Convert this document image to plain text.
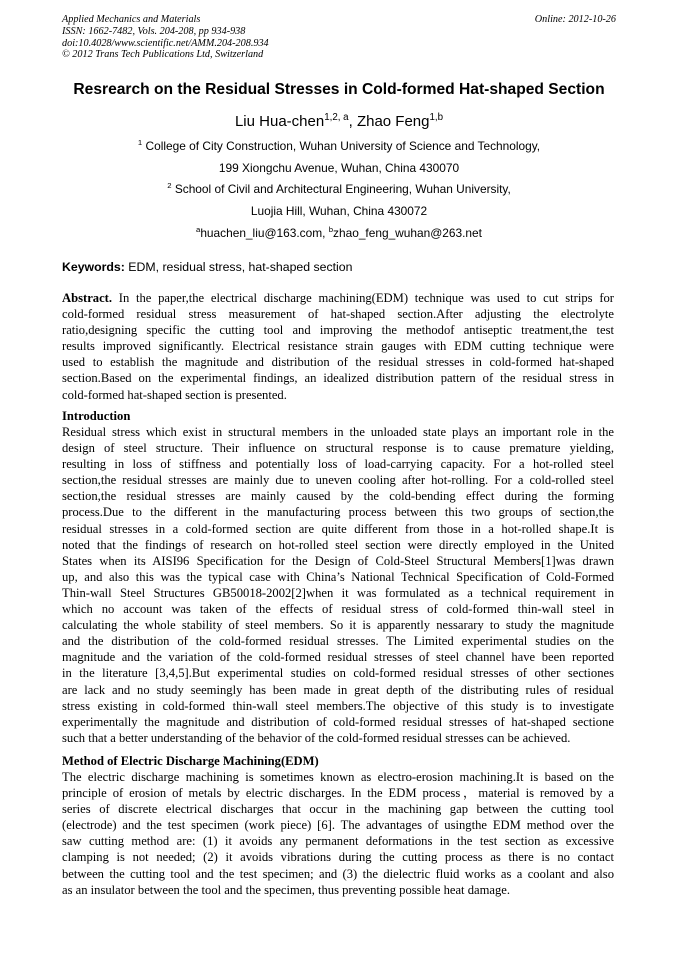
Applied Mechanics and Materials
ISSN: 1662-7482, Vols. 204-208, pp 934-938
doi:10.4028/www.scientific.net/AMM.204-208.934
© 2012 Trans Tech Publications Ltd, Switzerland
Online: 2012-10-26
Resrearch on the Residual Stresses in Cold-formed Hat-shaped Section
Liu Hua-chen$^{1,2, a}$, Zhao Feng$^{1,b}$
$^1$ College of City Construction, Wuhan University of Science and Technology,
199 Xiongchu Avenue, Wuhan, China 430070
$^2$ School of Civil and Architectural Engineering, Wuhan University,
Luojia Hill, Wuhan, China 430072
$^a$huachen_liu@163.com, $^b$zhao_feng_wuhan@263.net
Keywords: EDM, residual stress, hat-shaped section
Abstract. In the paper,the electrical discharge machining(EDM) technique was used to cut strips for
cold-formed residual stress measurement of hat-shaped section.After adjusting the electrolyte
ratio,designing specific the cutting tool and improving the methodof antiseptic treatment,the test
results improved significantly. Electrical resistance strain gauges with EDM cutting technique were
used to establish the magnitude and distribution of the residual stresses in cold-formed hat-shaped
section.Based on the experimental findings, an idealized distribution pattern of the residual stress in
cold-formed hat-shaped section is presented.
Introduction
Residual stress which exist in structural members in the unloaded state plays an important role in the
design of steel structure. Their influence on structural response is to cause premature yielding,
resulting in loss of stiffness and potentially loss of load-carrying capacity. For a hot-rolled steel
section,the residual stresses are mainly due to uneven cooling after hot-rolling. For a cold-rolled steel
section,the residual stresses are mainly caused by the cold-bending effect during the forming
process.Due to the different in the manufacturing process between this two groups of section,the
residual stresses in a cold-formed section are quite different from those in a hot-rolled shape.It is
noted that the findings of research on hot-rolled steel section were directly employed in the United
States when its AISI96 Specification for the Design of Cold-Steel Structural Members[1]was drawn
up, and also this was the typical case with China’s National Technical Specification of Cold-Formed
Thin-wall Steel Structures GB50018-2002[2]when it was formulated as a technical requirement in
which no account was taken of the effects of residual stress of cold-formed thin-wall steel in
calculating the whole stability of steel members. So it is apparently nessarary to study the magnitude
and the distribution of the cold-formed residual stresses. The Limited experimental studies on the
magnitude and the variation of the cold-formed residual stresses of steel channel have been reported
in the literature [3,4,5].But experimental studies on cold-formed residual stresses of other sectiones
are lack and no study seemingly has been made in great depth of the distributing rules of residual
stress existing in cold-formed thin-wall steel members.The objective of this study is to investigate
experimentally the magnitude and distribution of cold-formed residual stresses of hat-shaped sectione
such that a better understanding of the behavior of the cold-formed residual stresses can be achieved.
Method of Electric Discharge Machining(EDM)
The electric discharge machining is sometimes known as electro-erosion machining.It is based on the
principle of erosion of metals by electric discharges. In the EDM process，material is removed by a
series of discrete electrical discharges that occur in the machining gap between the cutting tool
(electrode) and the test specimen (work piece) [6]. The advantages of usingthe EDM method over the
saw cutting method are: (1) it avoids any permanent deformations in the test section as excessive
clamping is not needed; (2) it avoids vibrations during the cutting process as there is no contact
between the cutting tool and the test specimen; and (3) the dielectric fluid works as a coolant and also
as an insulator between the tool and the specimen, thus preventing possible heat damage.
